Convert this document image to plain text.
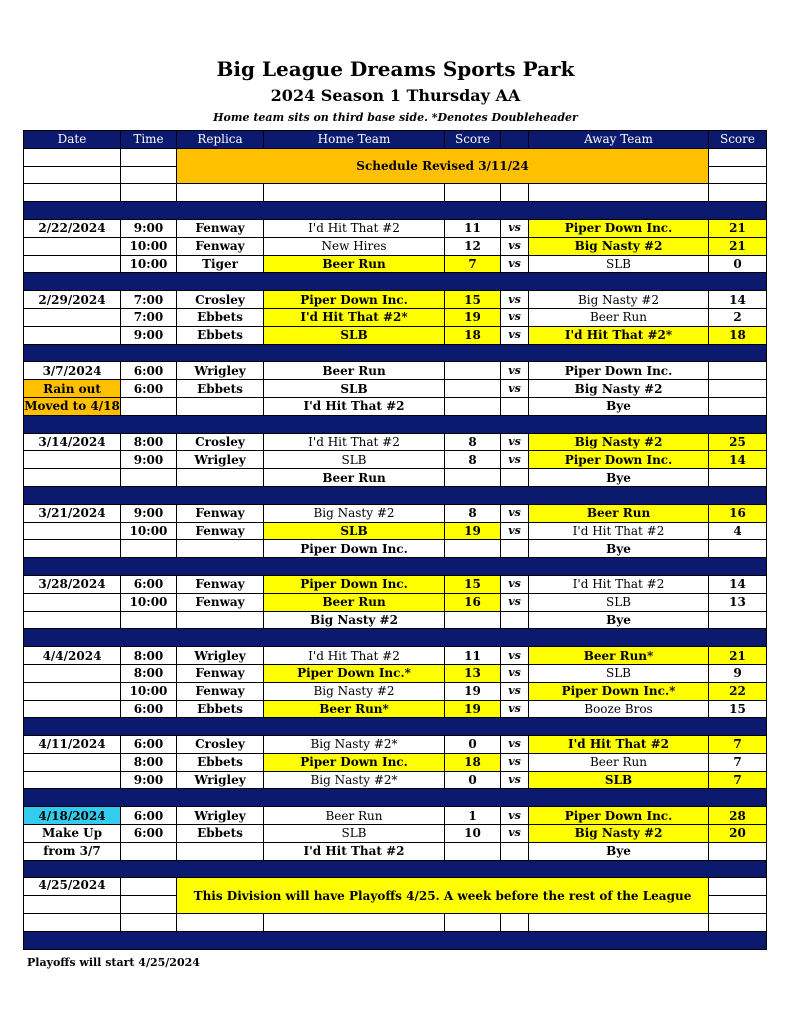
Big League Dreams Sports Park
2024 Season 1 Thursday AA
Home team sits on third base side. *Denotes Doubleheader
Date	Time	Replica	Home Team	Score		Away Team	Score
		Schedule Revised 3/11/24					

2/22/2024	9:00	Fenway	I'd Hit That #2	11	vs	Piper Down Inc.	21
	10:00	Fenway	New Hires	12	vs	Big Nasty #2	21
	10:00	Tiger	Beer Run	7	vs	SLB	0

2/29/2024	7:00	Crosley	Piper Down Inc.	15	vs	Big Nasty #2	14
	7:00	Ebbets	I'd Hit That #2*	19	vs	Beer Run	2
	9:00	Ebbets	SLB	18	vs	I'd Hit That #2*	18

3/7/2024	6:00	Wrigley	Beer Run		vs	Piper Down Inc.	
Rain out	6:00	Ebbets	SLB		vs	Big Nasty #2	
Moved to 4/18			I'd Hit That #2			Bye	

3/14/2024	8:00	Crosley	I'd Hit That #2	8	vs	Big Nasty #2	25
	9:00	Wrigley	SLB	8	vs	Piper Down Inc.	14
			Beer Run			Bye	

3/21/2024	9:00	Fenway	Big Nasty #2	8	vs	Beer Run	16
	10:00	Fenway	SLB	19	vs	I'd Hit That #2	4
			Piper Down Inc.			Bye	

3/28/2024	6:00	Fenway	Piper Down Inc.	15	vs	I'd Hit That #2	14
	10:00	Fenway	Beer Run	16	vs	SLB	13
			Big Nasty #2			Bye	

4/4/2024	8:00	Wrigley	I'd Hit That #2	11	vs	Beer Run*	21
	8:00	Fenway	Piper Down Inc.*	13	vs	SLB	9
	10:00	Fenway	Big Nasty #2	19	vs	Piper Down Inc.*	22
	6:00	Ebbets	Beer Run*	19	vs	Booze Bros	15

4/11/2024	6:00	Crosley	Big Nasty #2*	0	vs	I'd Hit That #2	7
	8:00	Ebbets	Piper Down Inc.	18	vs	Beer Run	7
	9:00	Wrigley	Big Nasty #2*	0	vs	SLB	7

4/18/2024	6:00	Wrigley	Beer Run	1	vs	Piper Down Inc.	28
Make Up	6:00	Ebbets	SLB	10	vs	Big Nasty #2	20
from 3/7			I'd Hit That #2			Bye	

4/25/2024		This Division will have Playoffs 4/25. A week before the rest of the League					

Playoffs will start 4/25/2024
